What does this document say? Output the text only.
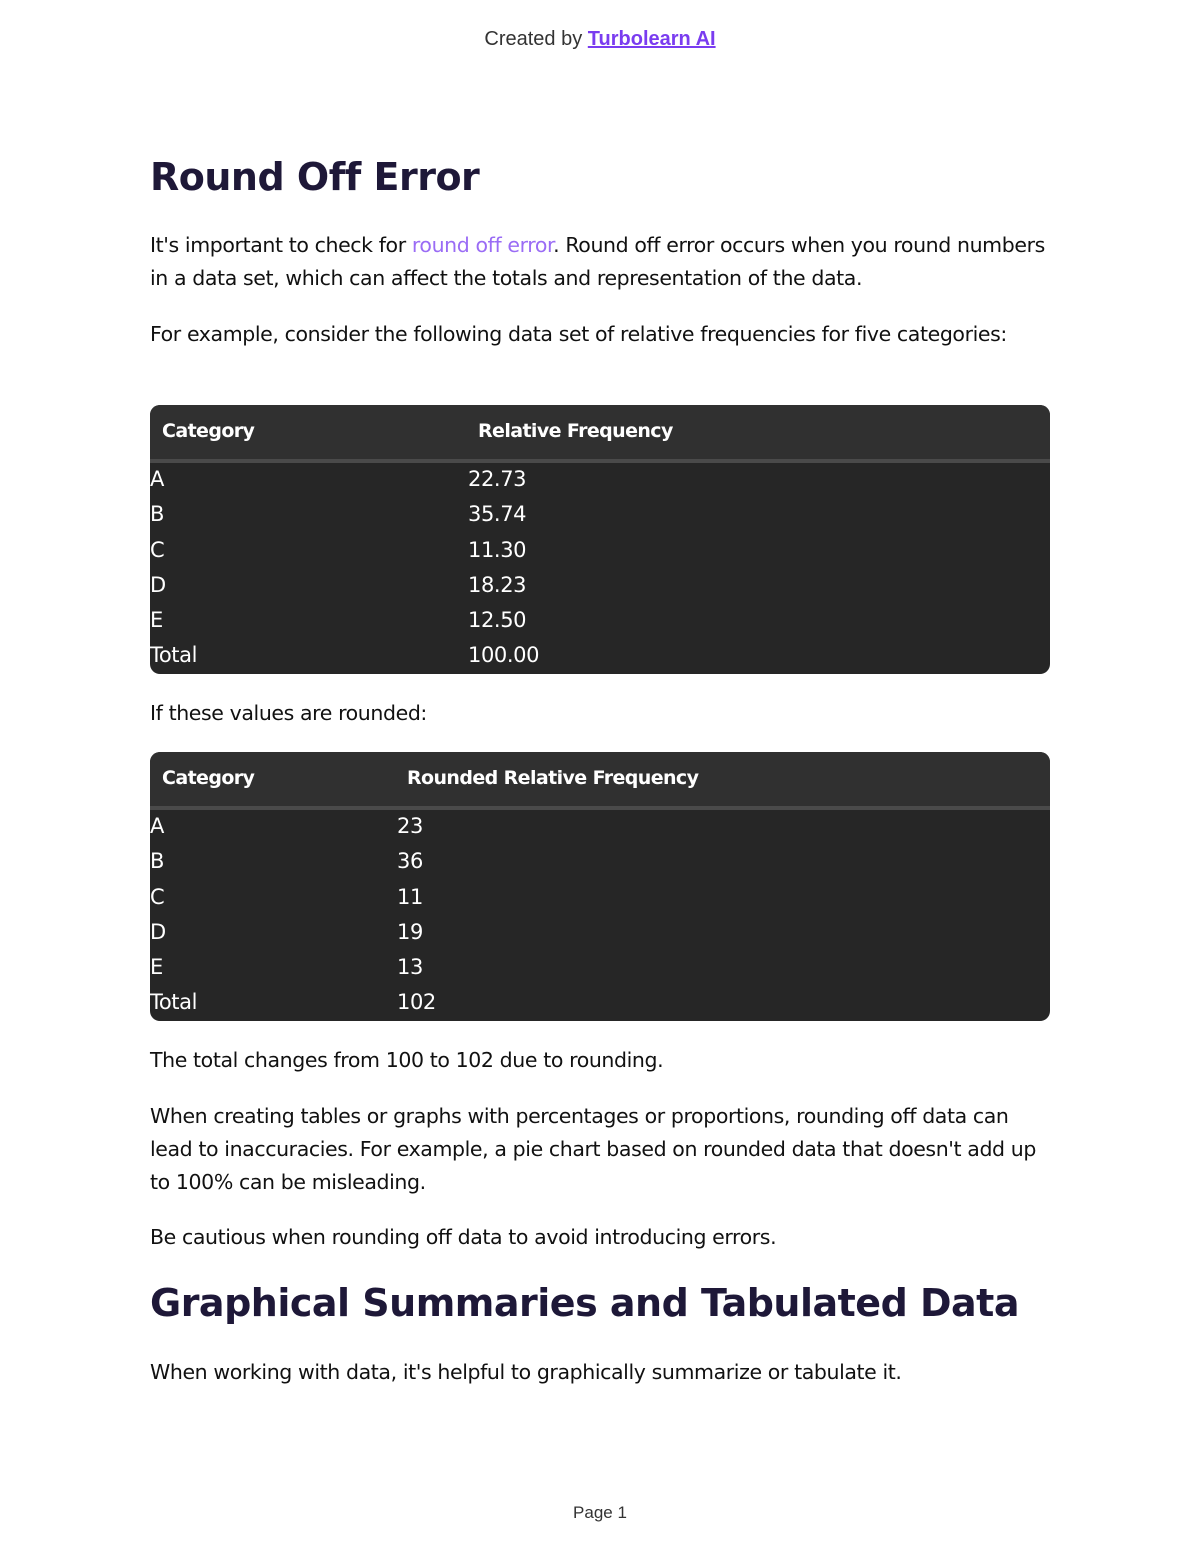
Created by Turbolearn AI
Round Off Error

It's important to check for round off error. Round off error occurs when you round numbers in a data set, which can affect the totals and representation of the data.

For example, consider the following data set of relative frequencies for five categories:

Category	Relative Frequency
A	22.73
B	35.74
C	11.30
D	18.23
E	12.50
Total	100.00

If these values are rounded:

Category	Rounded Relative Frequency
A	23
B	36
C	11
D	19
E	13
Total	102

The total changes from 100 to 102 due to rounding.

When creating tables or graphs with percentages or proportions, rounding off data can lead to inaccuracies. For example, a pie chart based on rounded data that doesn't add up to 100% can be misleading.

Be cautious when rounding off data to avoid introducing errors.

Graphical Summaries and Tabulated Data

When working with data, it's helpful to graphically summarize or tabulate it.

Page 1
